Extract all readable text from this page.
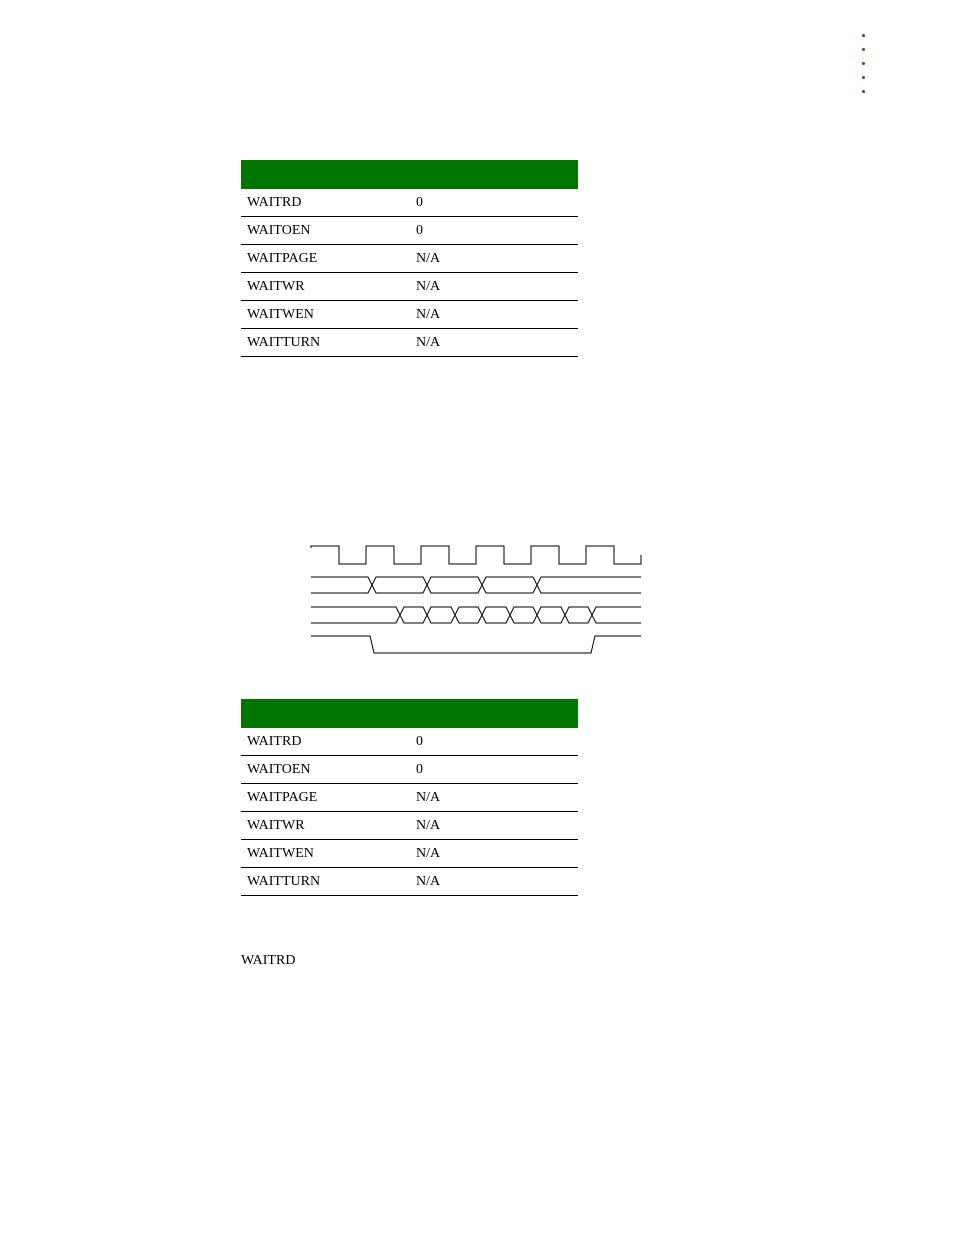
WAITRD	0
WAITOEN	0
WAITPAGE	N/A
WAITWR	N/A
WAITWEN	N/A
WAITTURN	N/A

WAITRD	0
WAITOEN	0
WAITPAGE	N/A
WAITWR	N/A
WAITWEN	N/A
WAITTURN	N/A
WAITRD
